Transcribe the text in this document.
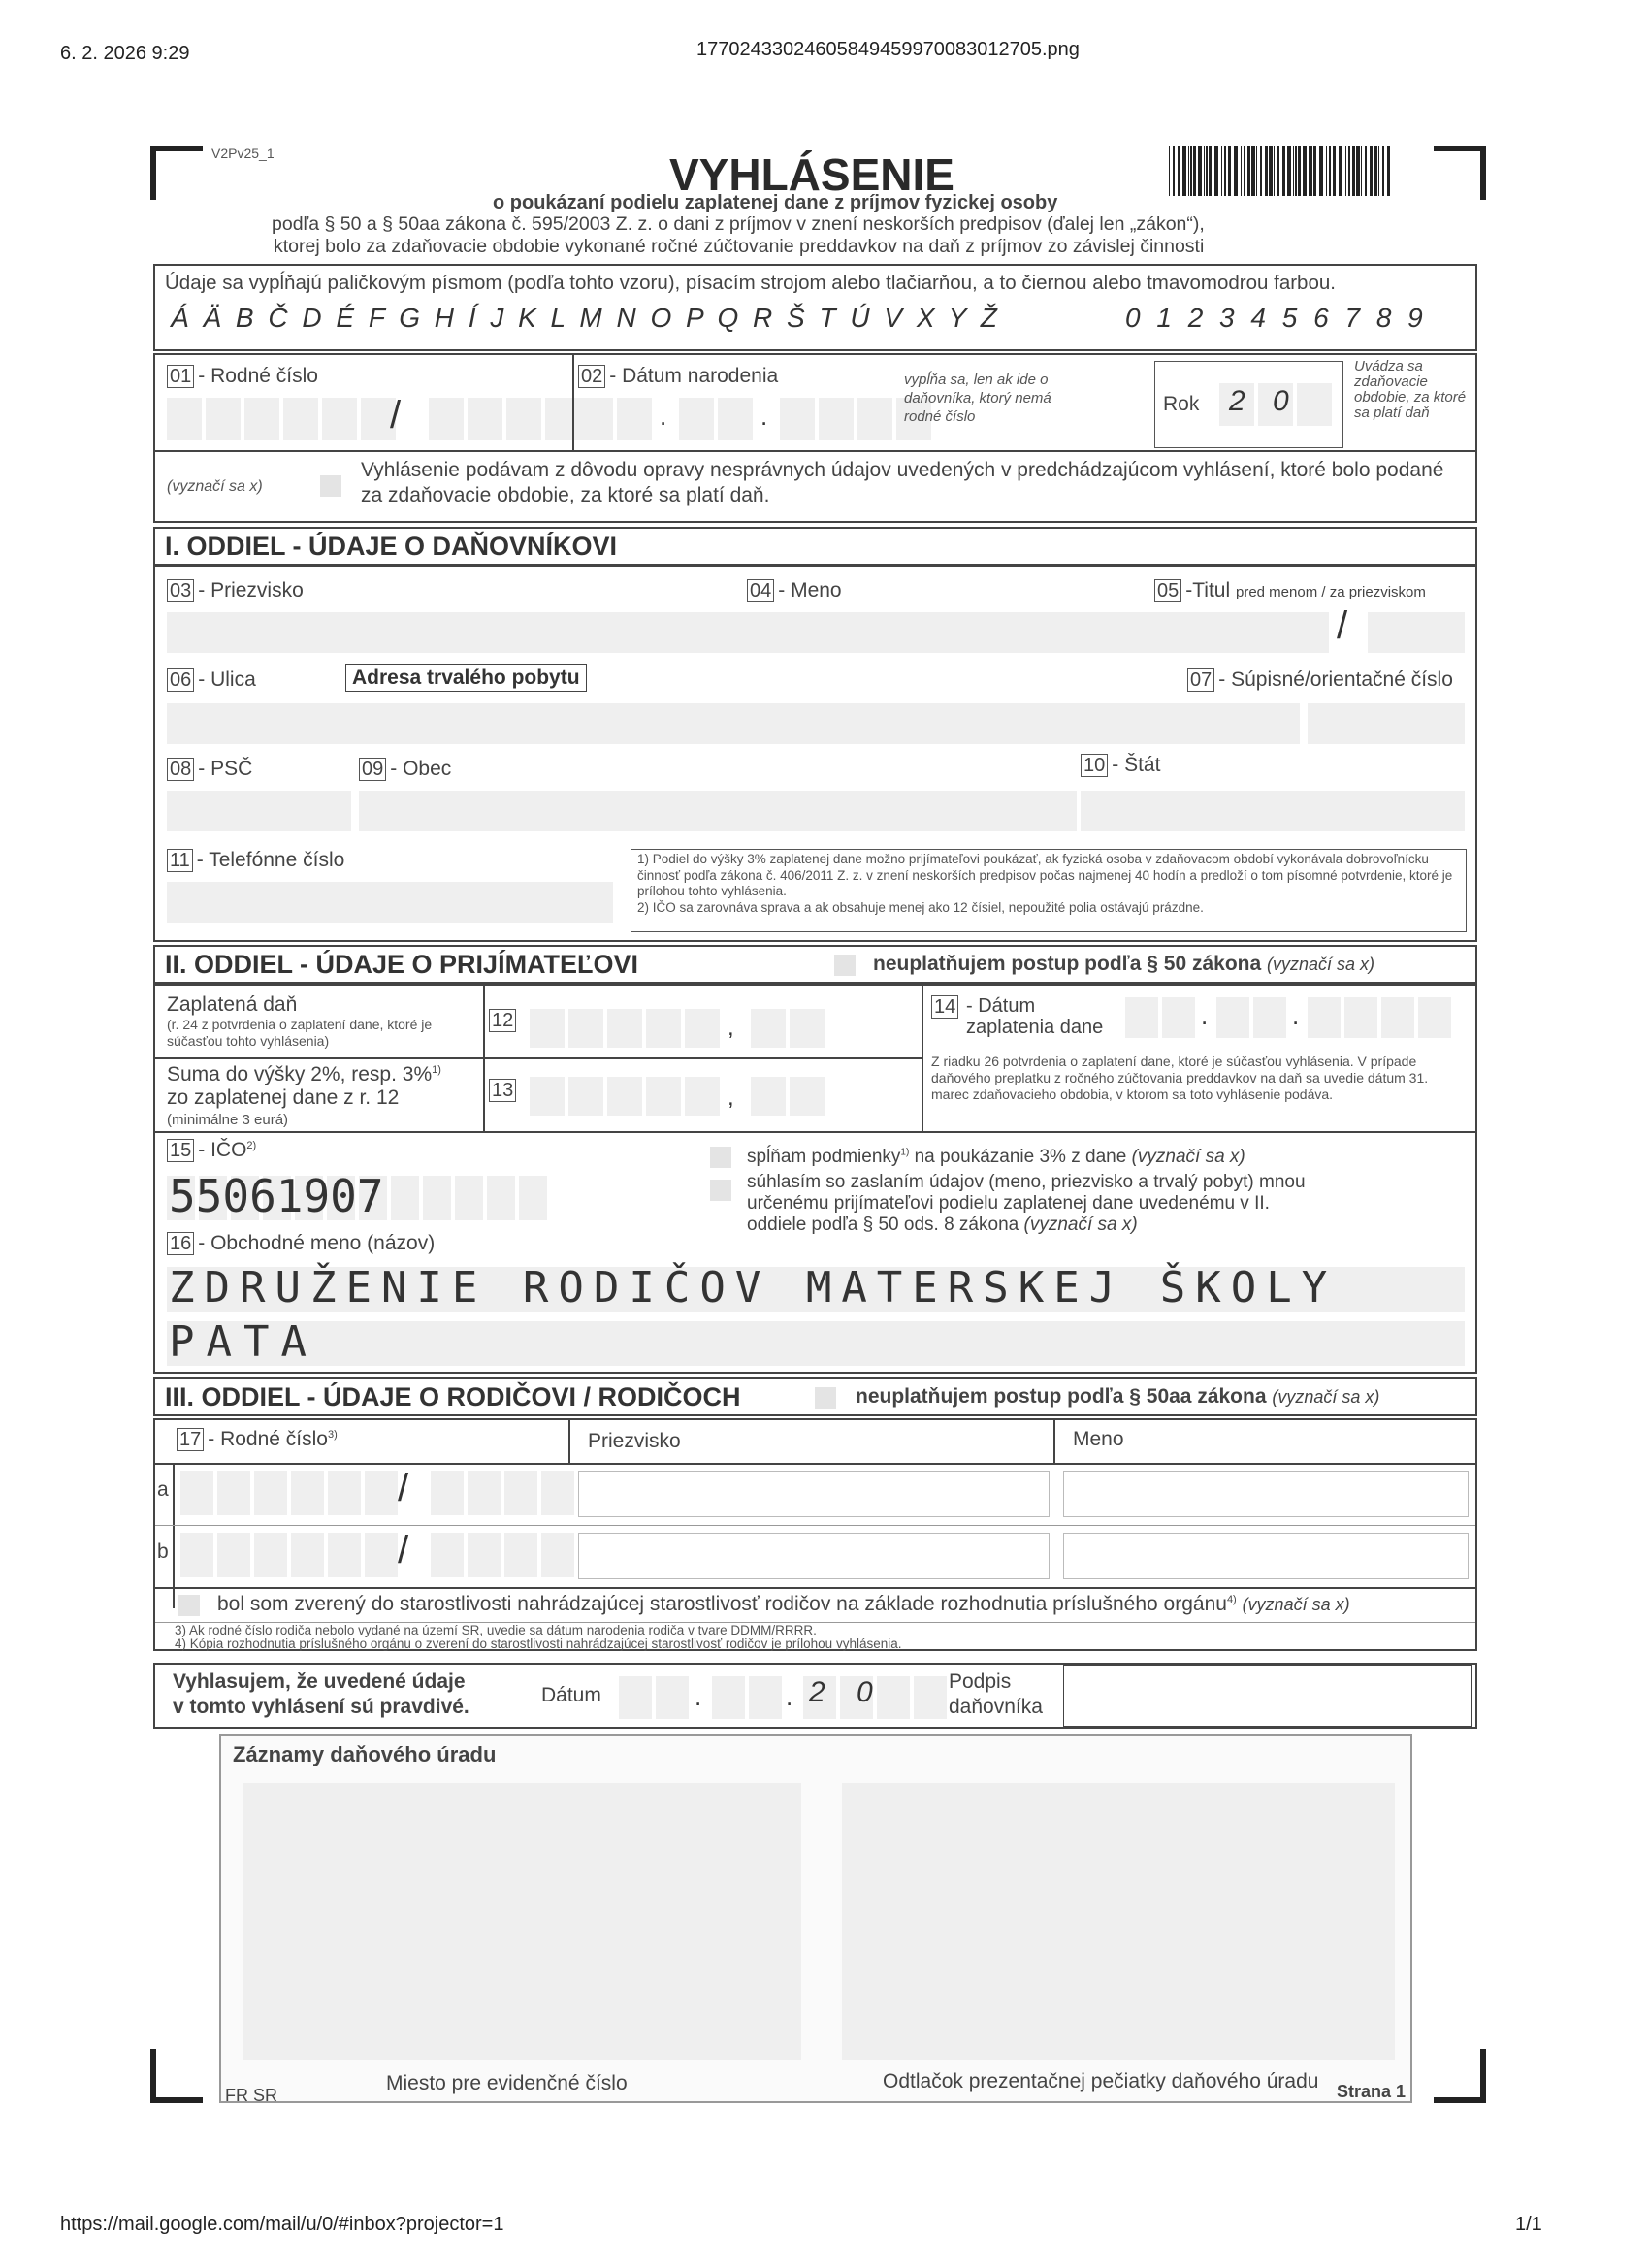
6. 2. 2026 9:29	17702433024605849459970083012705.png
https://mail.google.com/mail/u/0/#inbox?projector=1	1/1
V2Pv25_1	VYHLÁSENIE
o poukázaní podielu zaplatenej dane z príjmov fyzickej osoby
podľa § 50 a § 50aa zákona č. 595/2003 Z. z. o dani z príjmov v znení neskorších predpisov (ďalej len „zákon“),
ktorej bolo za zdaňovacie obdobie vykonané ročné zúčtovanie preddavkov na daň z príjmov zo závislej činnosti
Údaje sa vypĺňajú paličkovým písmom (podľa tohto vzoru), písacím strojom alebo tlačiarňou, a to čiernou alebo tmavomodrou farbou.
Á Ä B Č D É F G H Í J K L M N O P Q R Š T Ú V X Y Ž	0 1 2 3 4 5 6 7 8 9
01 - Rodné číslo
/
02 - Dátum narodenia
.	.
vypĺňa sa, len ak ide o daňovníka, ktorý nemá rodné číslo
Rok 2 0
Uvádza sa zdaňovacie obdobie, za ktoré sa platí daň
(vyznačí sa x)
Vyhlásenie podávam z dôvodu opravy nesprávnych údajov uvedených v predchádzajúcom vyhlásení, ktoré bolo podané za zdaňovacie obdobie, za ktoré sa platí daň.
I. ODDIEL - ÚDAJE O DAŇOVNÍKOVI
03 - Priezvisko	04 - Meno	05 -Titul pred menom / za priezviskom
/
06 - Ulica	Adresa trvalého pobytu	07 - Súpisné/orientačné číslo
08 - PSČ	09 - Obec	10 - Štát
11 - Telefónne číslo	1) Podiel do výšky 3% zaplatenej dane možno prijímateľovi poukázať, ak fyzická osoba v zdaňovacom období vykonávala dobrovoľnícku činnosť podľa zákona č. 406/2011 Z. z. v znení neskorších predpisov počas najmenej 40 hodín a predloží o tom písomné potvrdenie, ktoré je prílohou tohto vyhlásenia.
2) IČO sa zarovnáva sprava a ak obsahuje menej ako 12 čísiel, nepoužité polia ostávajú prázdne.
II. ODDIEL - ÚDAJE O PRIJÍMATEĽOVI	neuplatňujem postup podľa § 50 zákona (vyznačí sa x)
Zaplatená daň
(r. 24 z potvrdenia o zaplatení dane, ktoré je súčasťou tohto vyhlásenia)
12	,
Suma do výšky 2%, resp. 3%$^{1)}$
zo zaplatenej dane z r. 12
(minimálne 3 eurá)
13	,
14 - Dátum zaplatenia dane	.	.
Z riadku 26 potvrdenia o zaplatení dane, ktoré je súčasťou vyhlásenia. V prípade daňového preplatku z ročného zúčtovania preddavkov na daň sa uvedie dátum 31. marec zdaňovacieho obdobia, v ktorom sa toto vyhlásenie podáva.
15 - IČO$^{2)}$
55061907
spĺňam podmienky$^{1)}$ na poukázanie 3% z dane (vyznačí sa x)
súhlasím so zaslaním údajov (meno, priezvisko a trvalý pobyt) mnou určenému prijímateľovi podielu zaplatenej dane uvedenému v II. oddiele podľa § 50 ods. 8 zákona (vyznačí sa x)
16 - Obchodné meno (názov)
ZDRUŽENIE RODIČOV MATERSKEJ ŠKOLY
PATA
III. ODDIEL - ÚDAJE O RODIČOVI / RODIČOCH	neuplatňujem postup podľa § 50aa zákona (vyznačí sa x)
17 - Rodné číslo$^{3)}$	Priezvisko	Meno
a	/
b	/
bol som zverený do starostlivosti nahrádzajúcej starostlivosť rodičov na základe rozhodnutia príslušného orgánu$^{4)}$ (vyznačí sa x)
3) Ak rodné číslo rodiča nebolo vydané na území SR, uvedie sa dátum narodenia rodiča v tvare DDMM/RRRR.
4) Kópia rozhodnutia príslušného orgánu o zverení do starostlivosti nahrádzajúcej starostlivosť rodičov je prílohou vyhlásenia.
Vyhlasujem, že uvedené údaje
v tomto vyhlásení sú pravdivé.
Dátum	.	. 2 0	Podpis
daňovníka
Záznamy daňového úradu
Miesto pre evidenčné číslo	Odtlačok prezentačnej pečiatky daňového úradu
FR SR	Strana 1
